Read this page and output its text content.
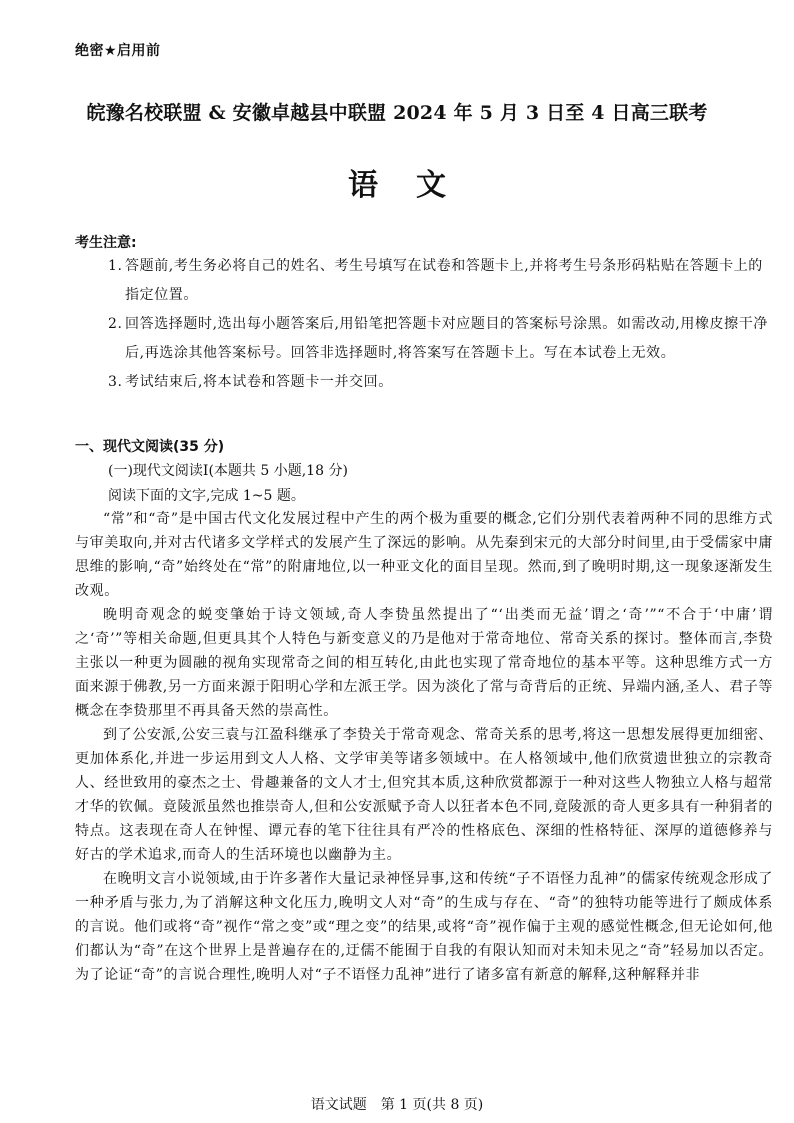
绝密★启用前
皖豫名校联盟 & 安徽卓越县中联盟 2024 年 5 月 3 日至 4 日高三联考
语文
考生注意:
1. 答题前,考生务必将自己的姓名、考生号填写在试卷和答题卡上,并将考生号条形码粘贴在答题卡上的指定位置。
2. 回答选择题时,选出每小题答案后,用铅笔把答题卡对应题目的答案标号涂黑。如需改动,用橡皮擦干净后,再选涂其他答案标号。回答非选择题时,将答案写在答题卡上。写在本试卷上无效。
3. 考试结束后,将本试卷和答题卡一并交回。
一、现代文阅读(35 分)
(一)现代文阅读Ⅰ(本题共 5 小题,18 分)
阅读下面的文字,完成 1~5 题。

“常”和“奇”是中国古代文化发展过程中产生的两个极为重要的概念,它们分别代表着两种不同的思维方式与审美取向,并对古代诸多文学样式的发展产生了深远的影响。从先秦到宋元的大部分时间里,由于受儒家中庸思维的影响,“奇”始终处在“常”的附庸地位,以一种亚文化的面目呈现。然而,到了晚明时期,这一现象逐渐发生改观。

晚明奇观念的蜕变肇始于诗文领域,奇人李贽虽然提出了“‘出类而无益’谓之‘奇’”“不合于‘中庸’谓之‘奇’”等相关命题,但更具其个人特色与新变意义的乃是他对于常奇地位、常奇关系的探讨。整体而言,李贽主张以一种更为圆融的视角实现常奇之间的相互转化,由此也实现了常奇地位的基本平等。这种思维方式一方面来源于佛教,另一方面来源于阳明心学和左派王学。因为淡化了常与奇背后的正统、异端内涵,圣人、君子等概念在李贽那里不再具备天然的崇高性。

到了公安派,公安三袁与江盈科继承了李贽关于常奇观念、常奇关系的思考,将这一思想发展得更加细密、更加体系化,并进一步运用到文人人格、文学审美等诸多领域中。在人格领域中,他们欣赏遗世独立的宗教奇人、经世致用的豪杰之士、骨趣兼备的文人才士,但究其本质,这种欣赏都源于一种对这些人物独立人格与超常才华的钦佩。竟陵派虽然也推崇奇人,但和公安派赋予奇人以狂者本色不同,竟陵派的奇人更多具有一种狷者的特点。这表现在奇人在钟惺、谭元春的笔下往往具有严冷的性格底色、深细的性格特征、深厚的道德修养与好古的学术追求,而奇人的生活环境也以幽静为主。

在晚明文言小说领域,由于许多著作大量记录神怪异事,这和传统“子不语怪力乱神”的儒家传统观念形成了一种矛盾与张力,为了消解这种文化压力,晚明文人对“奇”的生成与存在、“奇”的独特功能等进行了颇成体系的言说。他们或将“奇”视作“常之变”或“理之变”的结果,或将“奇”视作偏于主观的感觉性概念,但无论如何,他们都认为“奇”在这个世界上是普遍存在的,迂儒不能囿于自我的有限认知而对未知未见之“奇”轻易加以否定。为了论证“奇”的言说合理性,晚明人对“子不语怪力乱神”进行了诸多富有新意的解释,这种解释并非

语文试题　第 1 页(共 8 页)
